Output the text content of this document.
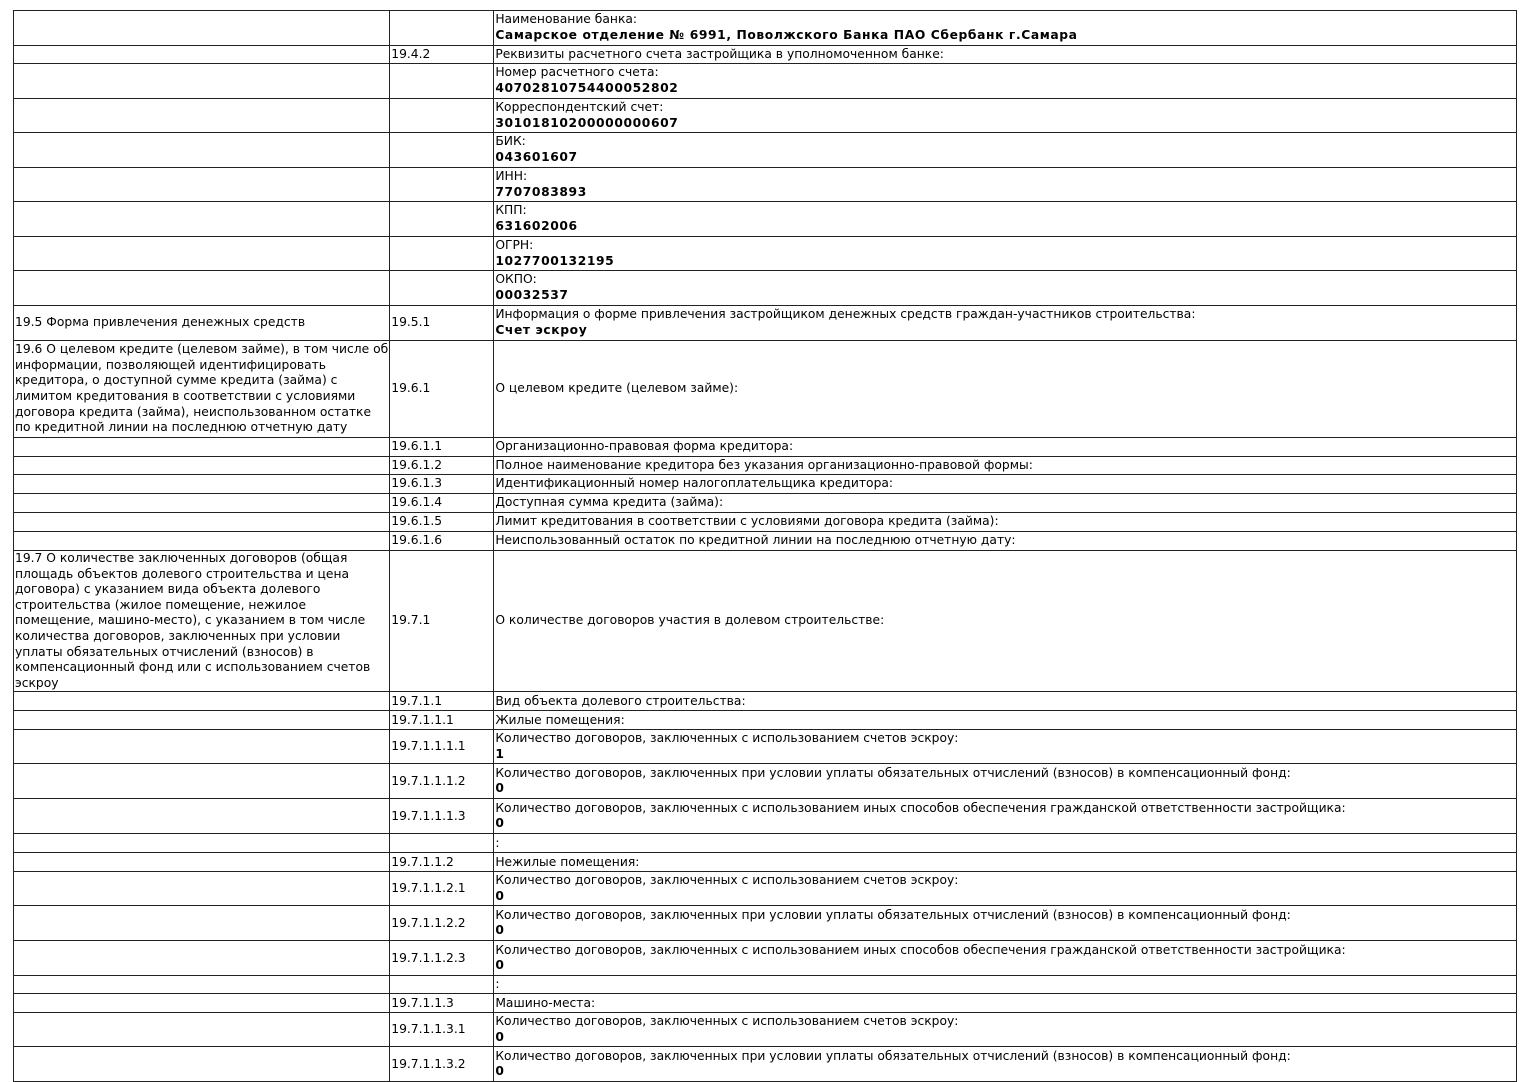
		Наименование банка:
Самарское отделение № 6991, Поволжского Банка ПАО Сбербанк г.Самара

	19.4.2	Реквизиты расчетного счета застройщика в уполномоченном банке:

		Номер расчетного счета:
40702810754400052802

		Корреспондентский счет:
30101810200000000607

		БИК:
043601607

		ИНН:
7707083893

		КПП:
631602006

		ОГРН:
1027700132195

		ОКПО:
00032537

19.5 Форма привлечения денежных средств	19.5.1	Информация о форме привлечения застройщиком денежных средств граждан-участников строительства:
Счет эскроу

19.6 О целевом кредите (целевом займе), в том числе об информации, позволяющей идентифицировать кредитора, о доступной сумме кредита (займа) с лимитом кредитования в соответствии с условиями договора кредита (займа), неиспользованном остатке по кредитной линии на последнюю отчетную дату	19.6.1	О целевом кредите (целевом займе):

	19.6.1.1	Организационно-правовая форма кредитора:

	19.6.1.2	Полное наименование кредитора без указания организационно-правовой формы:

	19.6.1.3	Идентификационный номер налогоплательщика кредитора:

	19.6.1.4	Доступная сумма кредита (займа):

	19.6.1.5	Лимит кредитования в соответствии с условиями договора кредита (займа):

	19.6.1.6	Неиспользованный остаток по кредитной линии на последнюю отчетную дату:

19.7 О количестве заключенных договоров (общая площадь объектов долевого строительства и цена договора) с указанием вида объекта долевого строительства (жилое помещение, нежилое помещение, машино-место), с указанием в том числе количества договоров, заключенных при условии уплаты обязательных отчислений (взносов) в компенсационный фонд или с использованием счетов эскроу	19.7.1	О количестве договоров участия в долевом строительстве:

	19.7.1.1	Вид объекта долевого строительства:

	19.7.1.1.1	Жилые помещения:

	19.7.1.1.1.1	Количество договоров, заключенных с использованием счетов эскроу:
1

	19.7.1.1.1.2	Количество договоров, заключенных при условии уплаты обязательных отчислений (взносов) в компенсационный фонд:
0

	19.7.1.1.1.3	Количество договоров, заключенных с использованием иных способов обеспечения гражданской ответственности застройщика:
0

		:

	19.7.1.1.2	Нежилые помещения:

	19.7.1.1.2.1	Количество договоров, заключенных с использованием счетов эскроу:
0

	19.7.1.1.2.2	Количество договоров, заключенных при условии уплаты обязательных отчислений (взносов) в компенсационный фонд:
0

	19.7.1.1.2.3	Количество договоров, заключенных с использованием иных способов обеспечения гражданской ответственности застройщика:
0

		:

	19.7.1.1.3	Машино-места:

	19.7.1.1.3.1	Количество договоров, заключенных с использованием счетов эскроу:
0

	19.7.1.1.3.2	Количество договоров, заключенных при условии уплаты обязательных отчислений (взносов) в компенсационный фонд:
0
